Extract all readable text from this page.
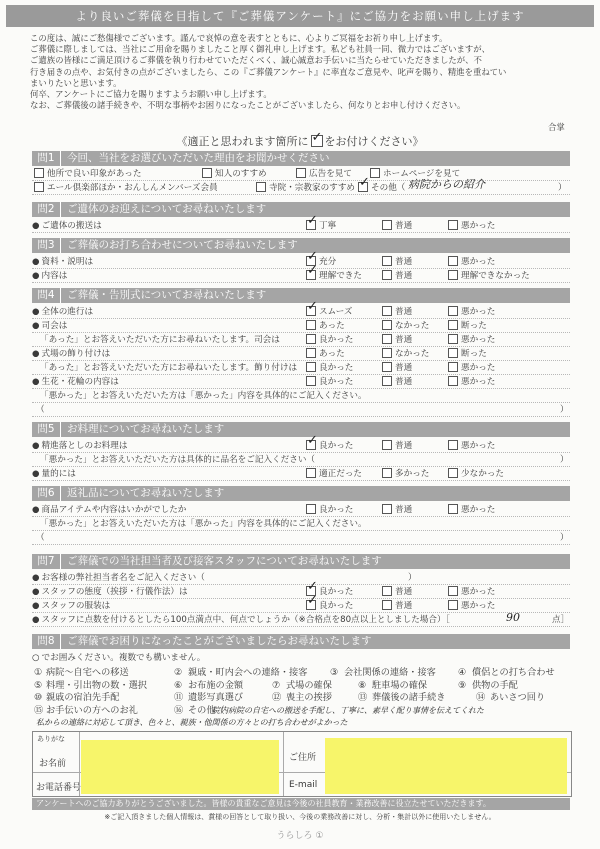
より良いご葬儀を目指して『ご葬儀アンケート』にご協力をお願い申し上げます

この度は、誠にご愁傷様でございます。謹んで哀悼の意を表すとともに、心よりご冥福をお祈り申し上げます。

ご葬儀に際しましては、当社にご用命を賜りましたこと厚く御礼申し上げます。私ども社員一同、微力ではございますが、

ご遺族の皆様にご満足頂けるご葬儀を執り行わせていただくべく、誠心誠意お手伝いに当たらせていただきましたが、不

行き届きの点や、お気付きの点がございましたら、この『ご葬儀アンケート』に率直なご意見や、叱声を賜り、精進を重ねてい

まいりたいと思います。

何卒、アンケートにご協力を賜りますようお願い申し上げます。

なお、ご葬儀後の諸手続きや、不明な事柄やお困りになったことがございましたら、何なりとお申し付けください。

合掌
《適正と思われます箇所に ✓ をお付けください》
問1 今回、当社をお選びいただいた理由をお聞かせください
他所で良い印象があった	知人のすすめ	広告を見て	ホームページを見て
エール倶楽部ほか・おんしんメンバーズ会員	寺院・宗教家のすすめ ✓	その他（ 病院からの紹介	）
問2 ご遺体のお迎えについてお尋ねいたします
● ご遺体の搬送は ✓	丁寧	普通	悪かった
問3 ご葬儀のお打ち合わせについてお尋ねいたします
● 資料・説明は ✓	充分	普通	悪かった
● 内容は ✓	理解できた	普通	理解できなかった
問4 ご葬儀・告別式についてお尋ねいたします
● 全体の進行は ✓	スムーズ	普通	悪かった
● 司会は	あった	なかった	断った
「あった」とお答えいただいた方にお尋ねいたします。司会は	良かった	普通	悪かった
● 式場の飾り付けは	あった	なかった	断った
「あった」とお答えいただいた方にお尋ねいたします。飾り付けは	良かった	普通	悪かった
● 生花・花輪の内容は	良かった	普通	悪かった
「悪かった」とお答えいただいた方は「悪かった」内容を具体的にご記入ください。
（	）
問5 お料理についてお尋ねいたします
● 精進落としのお料理は ✓	良かった	普通	悪かった
「悪かった」とお答えいただいた方は具体的に品名をご記入ください（	）
● 量的には	適正だった	多かった	少なかった
問6 返礼品についてお尋ねいたします
● 商品アイテムや内容はいかがでしたか	良かった	普通	悪かった
「悪かった」とお答えいただいた方は「悪かった」内容を具体的にご記入ください。
（	）
問7 ご葬儀での当社担当者及び接客スタッフについてお尋ねいたします
● お客様の弊社担当者名をご記入ください（	）
● スタッフの態度（挨拶・行儀作法）は ✓	良かった	普通	悪かった
● スタッフの服装は ✓	良かった	普通	悪かった
● スタッフに点数を付けるとしたら100点満点中、何点でしょうか（※合格点を80点以上としました場合）［	90	点］
問8 ご葬儀でお困りになったことがございましたらお尋ねいたします
○ でお囲みください。複数でも構いません。
① 病院〜自宅への移送	② 親戚・町内会への連絡・接客 ③ 会社関係の連絡・接客 ④ 償侶との打ち合わせ
⑤ 料理・引出物の数・選択	⑥ お布施の金額	⑦ 式場の確保	⑧ 駐車場の確保	⑨ 供物の手配
⑩ 親戚の宿泊先手配	⑪ 遺影写真選び	⑫ 喪主の挨拶	⑬ 葬儀後の諸手続き	⑭ あいさつ回り
⑮ お手伝いの方へのお礼	⑯ その他（
院内病院の自宅への搬送を手配し、丁寧に、素早く配り事情を伝えてくれた
私からの連絡に対応して頂き、色々と、親族・他関係の方々との打ち合わせがよかった
ありがな
お名前
お電話番号
ご住所
E-mail
アンケートへのご協力ありがとうございました。皆様の貴重なご意見は今後の社員教育・業務改善に役立たせていただきます。
※ご記入頂きました個人情報は、賞様の回答として取り扱い、今後の業務改善に対し、分析・集計以外に使用いたしません。
うらしろ ①
